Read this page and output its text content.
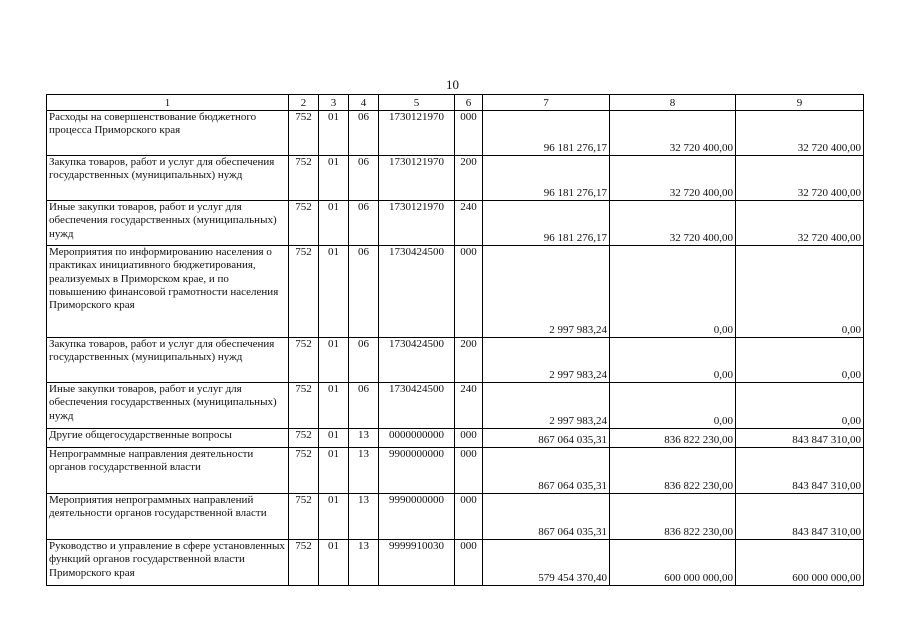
10
1	2	3	4	5	6	7	8	9
Расходы на совершенствование бюджетного процесса Приморского края	752	01	06	1730121970	000	96 181 276,17	32 720 400,00	32 720 400,00
Закупка товаров, работ и услуг для обеспечения государственных (муниципальных) нужд	752	01	06	1730121970	200	96 181 276,17	32 720 400,00	32 720 400,00
Иные закупки товаров, работ и услуг для обеспечения государственных (муниципальных) нужд	752	01	06	1730121970	240	96 181 276,17	32 720 400,00	32 720 400,00
Мероприятия по информированию населения о практиках инициативного бюджетирования, реализуемых в Приморском крае, и по повышению финансовой грамотности населения Приморского края	752	01	06	1730424500	000	2 997 983,24	0,00	0,00
Закупка товаров, работ и услуг для обеспечения государственных (муниципальных) нужд	752	01	06	1730424500	200	2 997 983,24	0,00	0,00
Иные закупки товаров, работ и услуг для обеспечения государственных (муниципальных) нужд	752	01	06	1730424500	240	2 997 983,24	0,00	0,00
Другие общегосударственные вопросы	752	01	13	0000000000	000	867 064 035,31	836 822 230,00	843 847 310,00
Непрограммные направления деятельности органов государственной власти	752	01	13	9900000000	000	867 064 035,31	836 822 230,00	843 847 310,00
Мероприятия непрограммных направлений деятельности органов государственной власти	752	01	13	9990000000	000	867 064 035,31	836 822 230,00	843 847 310,00
Руководство и управление в сфере установленных функций органов государственной власти Приморского края	752	01	13	9999910030	000	579 454 370,40	600 000 000,00	600 000 000,00
